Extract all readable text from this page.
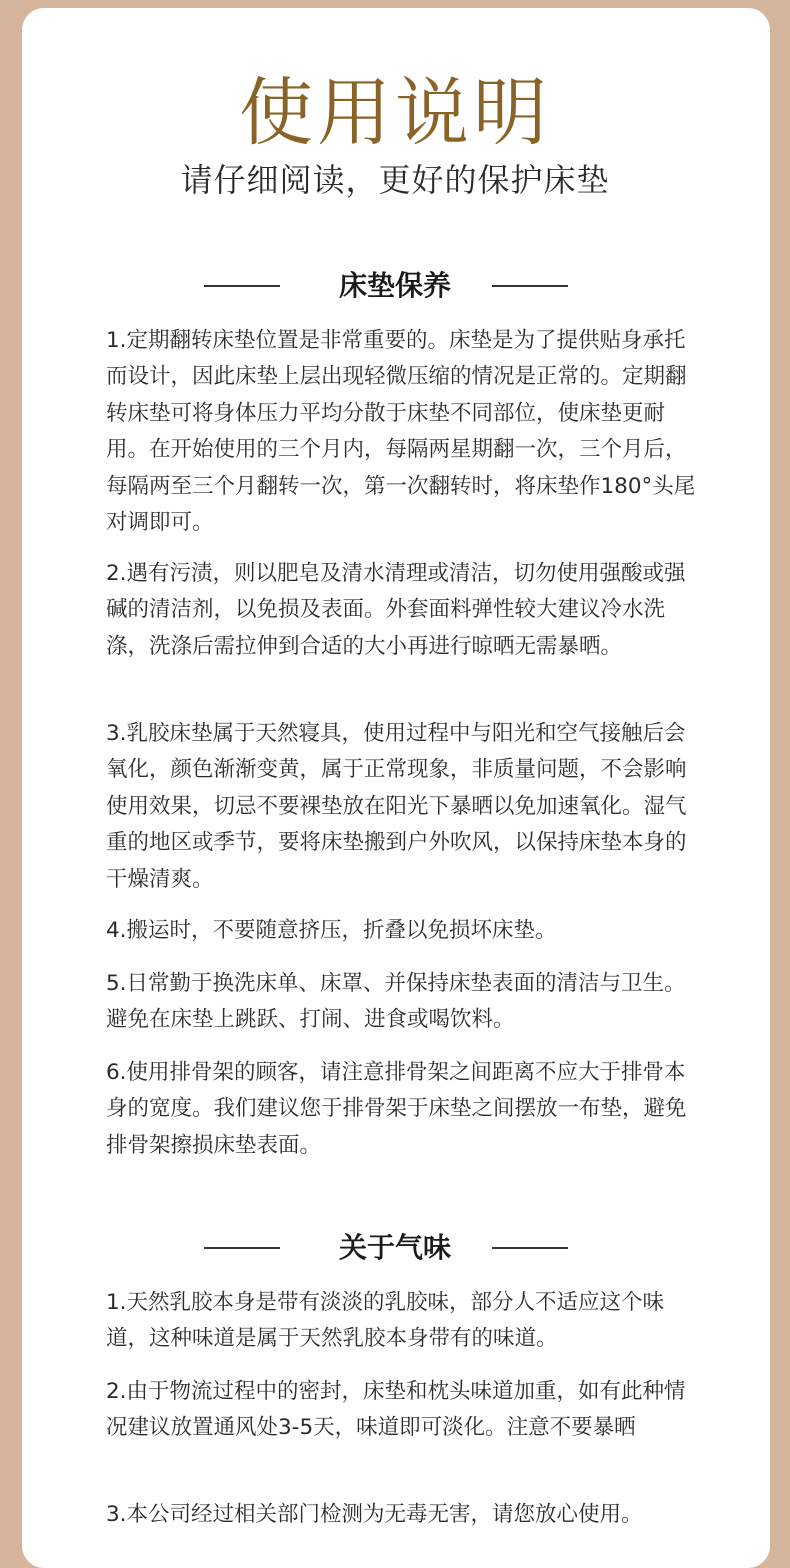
使用说明

请仔细阅读，更好的保护床垫

床垫保养

1.定期翻转床垫位置是非常重要的。床垫是为了提供贴身承托而设计，因此床垫上层出现轻微压缩的情况是正常的。定期翻转床垫可将身体压力平均分散于床垫不同部位，使床垫更耐用。在开始使用的三个月内，每隔两星期翻一次，三个月后，每隔两至三个月翻转一次，第一次翻转时，将床垫作180°头尾对调即可。

2.遇有污渍，则以肥皂及清水清理或清洁，切勿使用强酸或强碱的清洁剂，以免损及表面。外套面料弹性较大建议冷水洗涤，洗涤后需拉伸到合适的大小再进行晾晒无需暴晒。

3.乳胶床垫属于天然寝具，使用过程中与阳光和空气接触后会氧化，颜色渐渐变黄，属于正常现象，非质量问题，不会影响使用效果，切忌不要裸垫放在阳光下暴晒以免加速氧化。湿气重的地区或季节，要将床垫搬到户外吹风，以保持床垫本身的干燥清爽。

4.搬运时，不要随意挤压，折叠以免损坏床垫。

5.日常勤于换洗床单、床罩、并保持床垫表面的清洁与卫生。避免在床垫上跳跃、打闹、进食或喝饮料。

6.使用排骨架的顾客，请注意排骨架之间距离不应大于排骨本身的宽度。我们建议您于排骨架于床垫之间摆放一布垫，避免排骨架擦损床垫表面。

关于气味

1.天然乳胶本身是带有淡淡的乳胶味，部分人不适应这个味道，这种味道是属于天然乳胶本身带有的味道。

2.由于物流过程中的密封，床垫和枕头味道加重，如有此种情况建议放置通风处3-5天，味道即可淡化。注意不要暴晒

3.本公司经过相关部门检测为无毒无害，请您放心使用。
